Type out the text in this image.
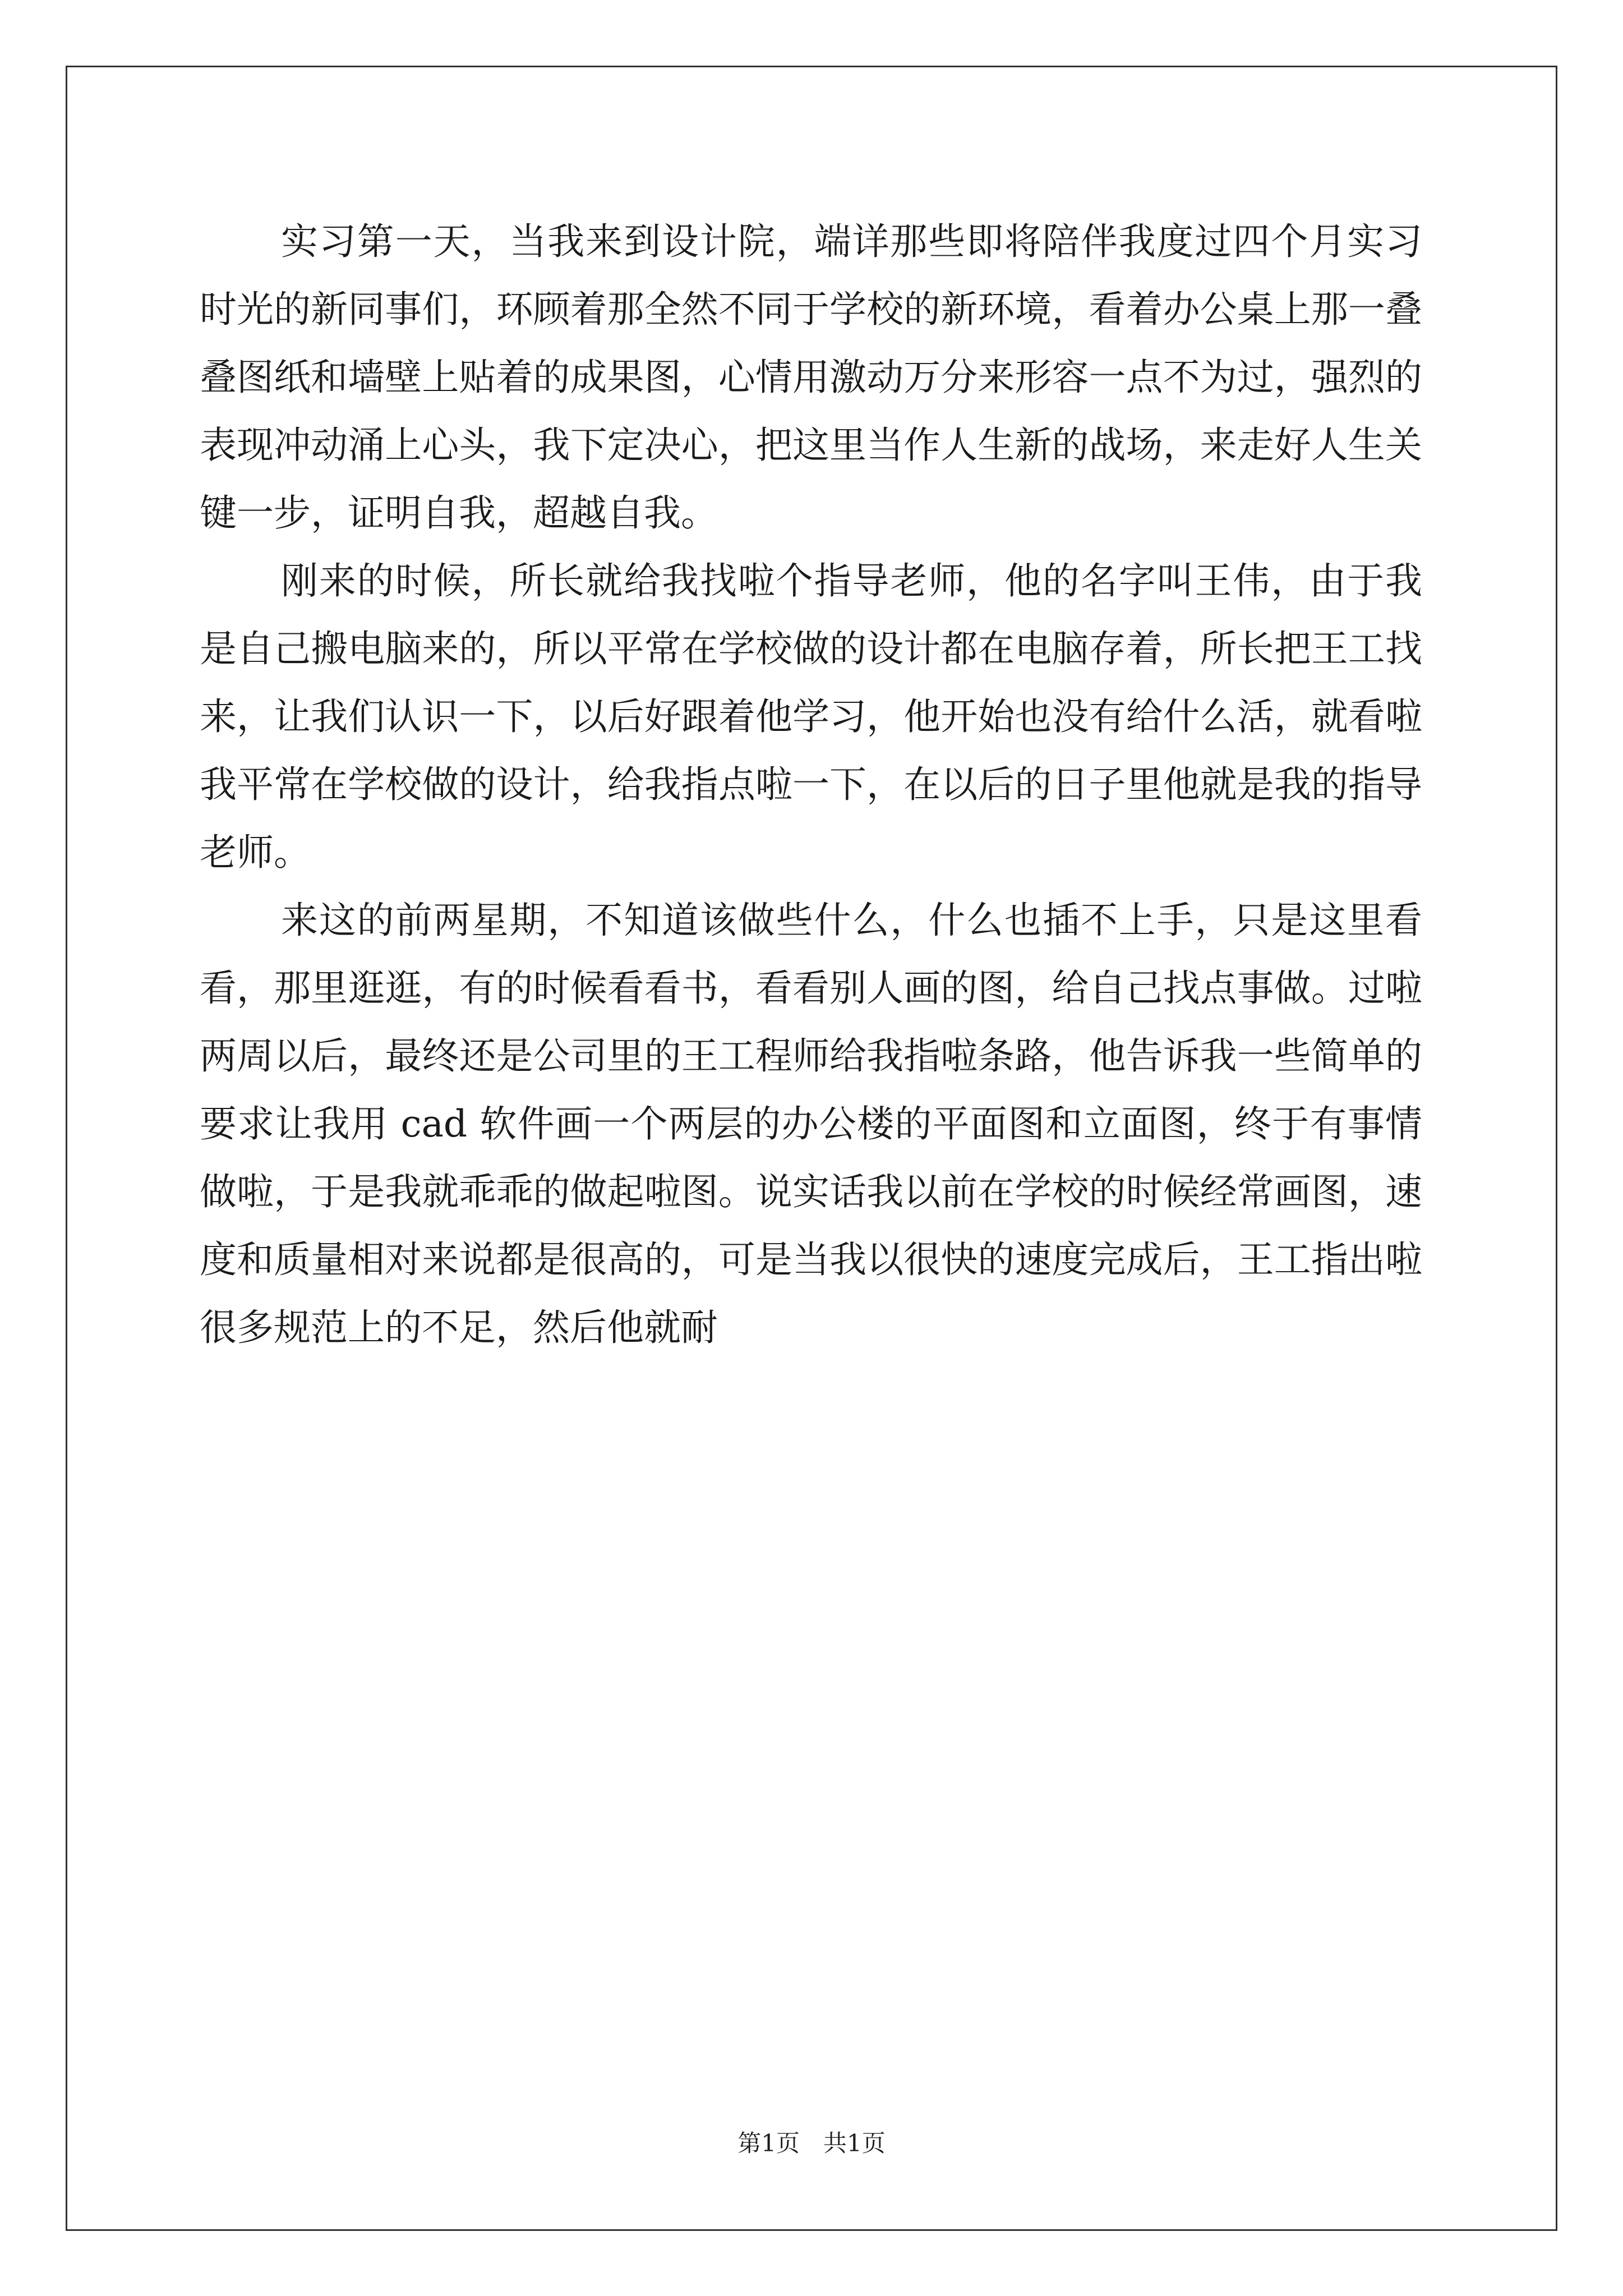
实习第一天，当我来到设计院，端详那些即将陪伴我度过四个月实习时光的新同事们，环顾着那全然不同于学校的新环境，看着办公桌上那一叠叠图纸和墙壁上贴着的成果图，心情用激动万分来形容一点不为过，强烈的表现冲动涌上心头，我下定决心，把这里当作人生新的战场，来走好人生关键一步，证明自我，超越自我。

刚来的时候，所长就给我找啦个指导老师，他的名字叫王伟，由于我是自己搬电脑来的，所以平常在学校做的设计都在电脑存着，所长把王工找来，让我们认识一下，以后好跟着他学习，他开始也没有给什么活，就看啦我平常在学校做的设计，给我指点啦一下，在以后的日子里他就是我的指导老师。

来这的前两星期，不知道该做些什么，什么也插不上手，只是这里看看，那里逛逛，有的时候看看书，看看别人画的图，给自己找点事做。过啦两周以后，最终还是公司里的王工程师给我指啦条路，他告诉我一些简单的要求让我用 cad 软件画一个两层的办公楼的平面图和立面图，终于有事情做啦，于是我就乖乖的做起啦图。说实话我以前在学校的时候经常画图，速度和质量相对来说都是很高的，可是当我以很快的速度完成后，王工指出啦很多规范上的不足，然后他就耐

第1页　共1页
